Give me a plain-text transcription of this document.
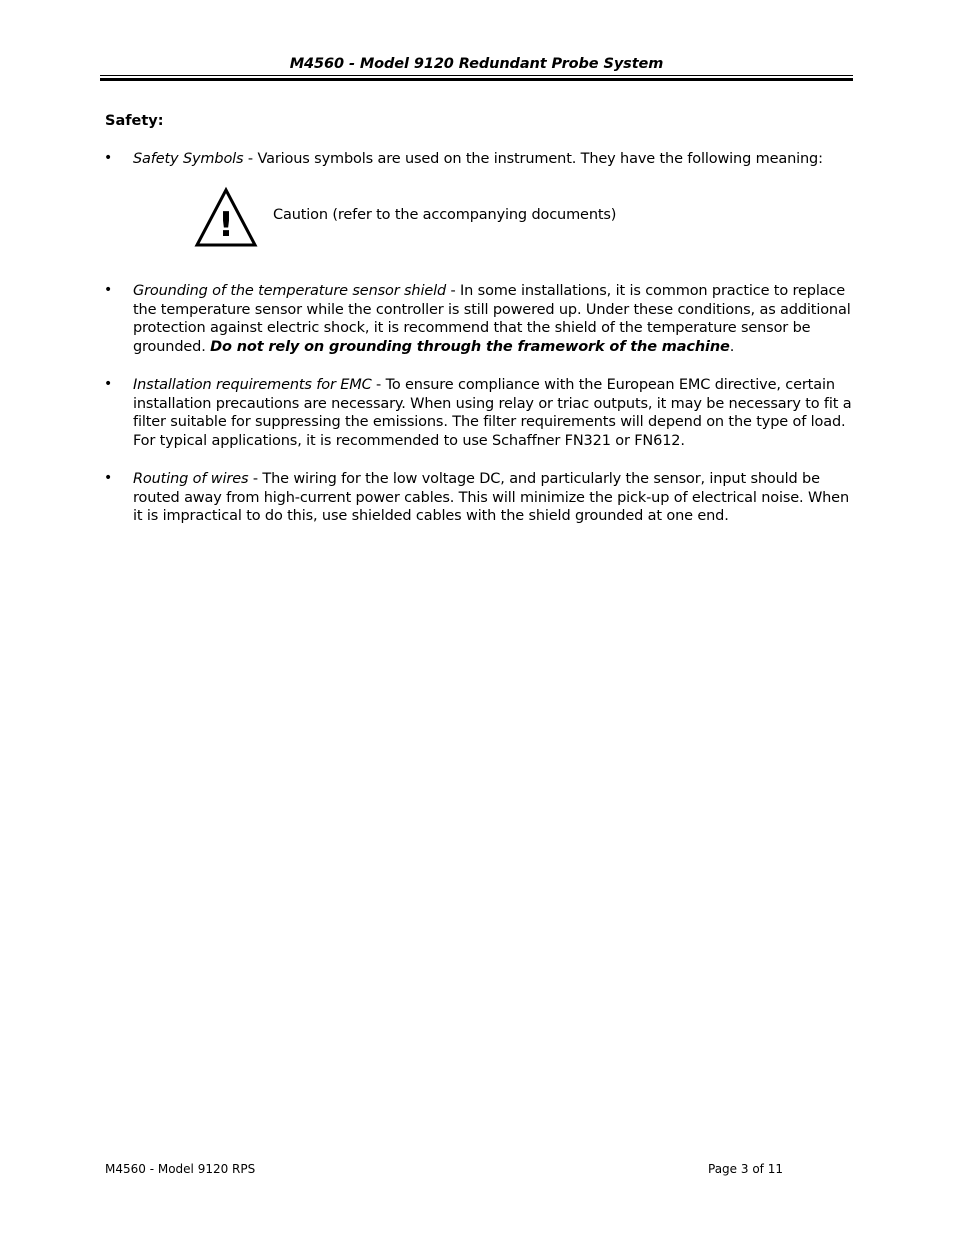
M4560 - Model 9120 Redundant Probe System
Safety:
• Safety Symbols - Various symbols are used on the instrument. They have the following meaning:
!	Caution (refer to the accompanying documents)
• Grounding of the temperature sensor shield - In some installations, it is common practice to replace the temperature sensor while the controller is still powered up. Under these conditions, as additional protection against electric shock, it is recommend that the shield of the temperature sensor be grounded. Do not rely on grounding through the framework of the machine.
• Installation requirements for EMC - To ensure compliance with the European EMC directive, certain installation precautions are necessary. When using relay or triac outputs, it may be necessary to fit a filter suitable for suppressing the emissions. The filter requirements will depend on the type of load. For typical applications, it is recommended to use Schaffner FN321 or FN612.
• Routing of wires - The wiring for the low voltage DC, and particularly the sensor, input should be routed away from high-current power cables. This will minimize the pick-up of electrical noise. When it is impractical to do this, use shielded cables with the shield grounded at one end.
M4560 - Model 9120 RPS	Page 3 of 11
